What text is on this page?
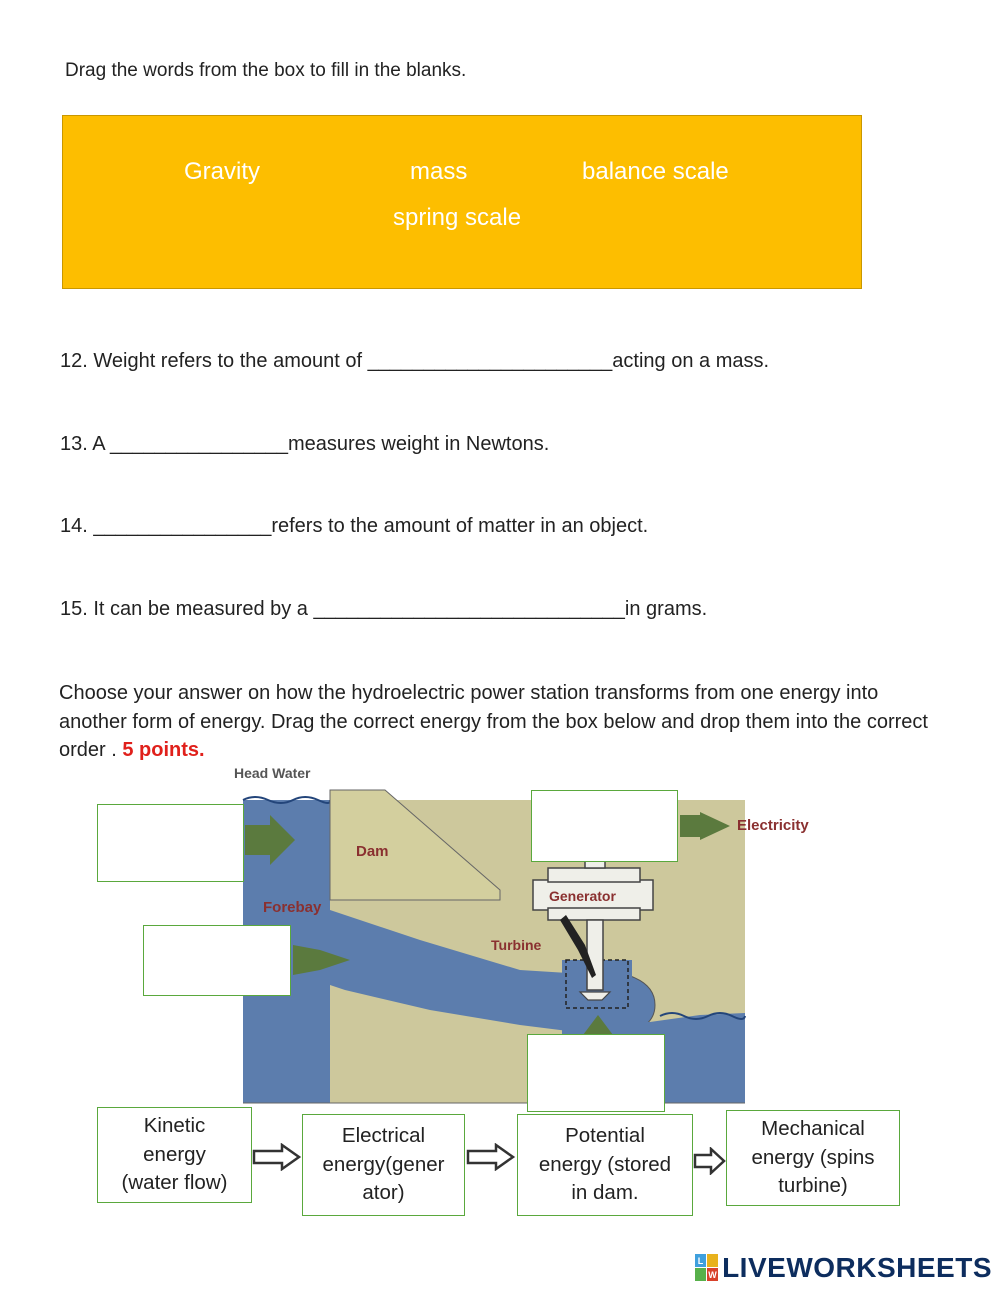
Drag the words from the box to fill in the blanks.
Gravity	mass	balance scale
spring scale
12. Weight refers to the amount of ______________________acting on a mass.
13. A ________________measures weight in Newtons.
14. ________________refers to the amount of matter in an object.
15. It can be measured by a ____________________________in grams.
Choose your answer on how the hydroelectric power station transforms from one energy into another form of energy. Drag the correct energy from the box below and drop them into the correct order . 5 points.
Head Water
Dam
Forebay
Generator
Turbine
Electricity
Kinetic
energy
(water flow)
Electrical
energy(gener
ator)
Potential
energy (stored
in dam.
Mechanical
energy (spins
turbine)
L
W LIVEWORKSHEETS
